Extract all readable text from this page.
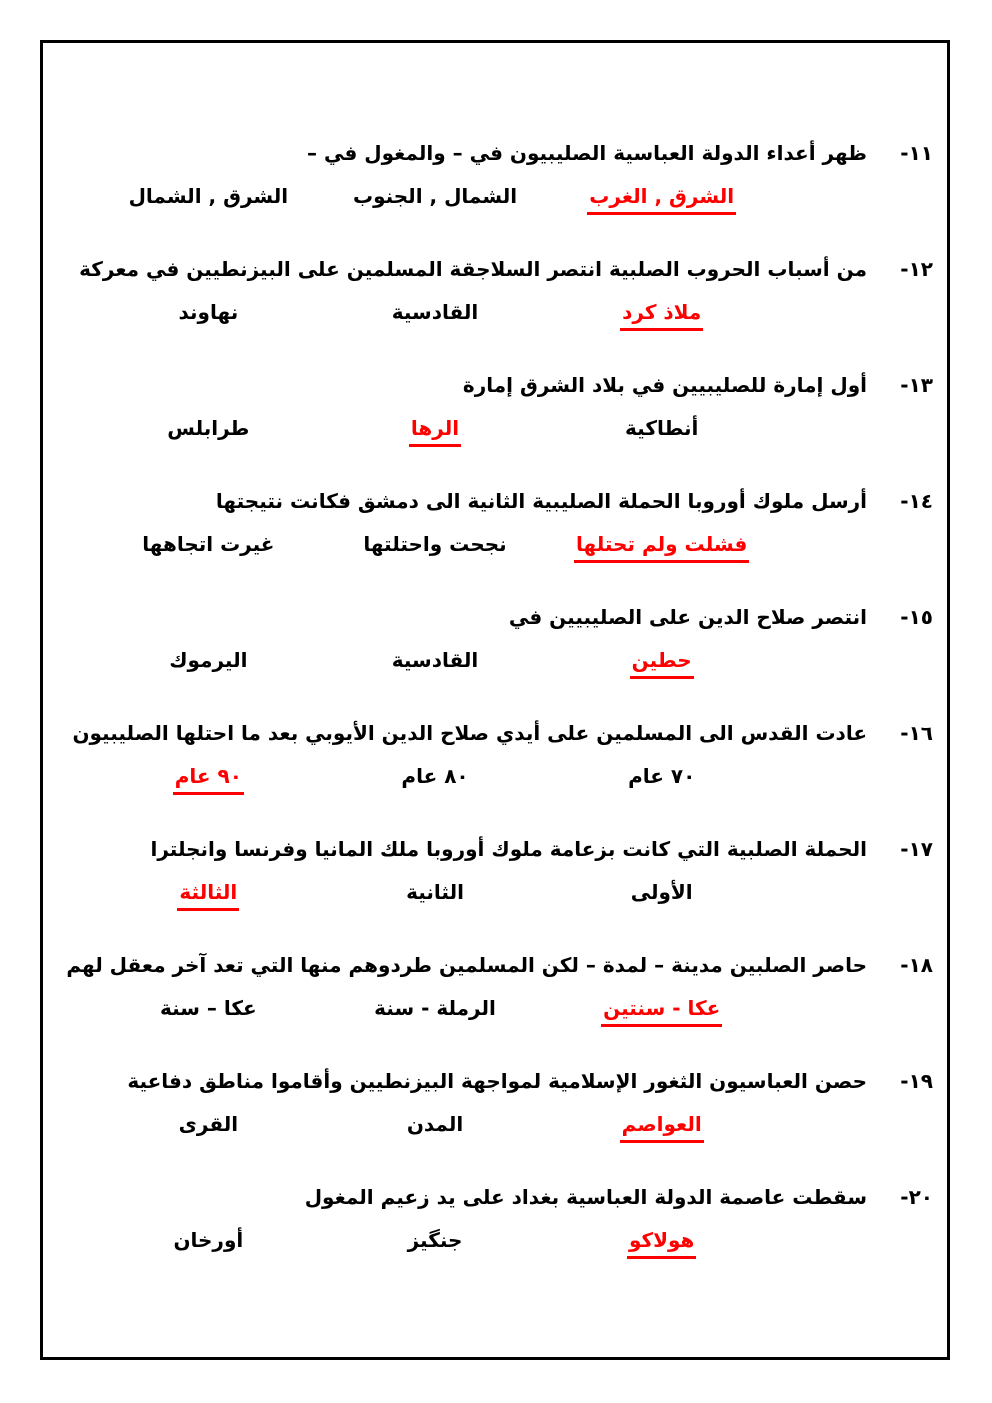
١١-ظهر أعداء الدولة العباسية الصليبيون في – والمغول في –
الشرق , الغرب
الشمال , الجنوب
الشرق , الشمال
١٢-من أسباب الحروب الصلبية انتصر السلاجقة المسلمين على البيزنطيين في معركة
ملاذ كرد
القادسية
نهاوند
١٣-أول إمارة للصليبيين في بلاد الشرق إمارة
أنطاكية
الرها
طرابلس
١٤-أرسل ملوك أوروبا الحملة الصليبية الثانية الى دمشق فكانت نتيجتها
فشلت ولم تحتلها
نجحت واحتلتها
غيرت اتجاهها
١٥-انتصر صلاح الدين على الصليبيين في
حطين
القادسية
اليرموك
١٦-عادت القدس الى المسلمين على أيدي صلاح الدين الأيوبي بعد ما احتلها الصليبيون
٧٠ عام
٨٠ عام
٩٠ عام
١٧-الحملة الصلبية التي كانت بزعامة ملوك أوروبا ملك المانيا وفرنسا وانجلترا
الأولى
الثانية
الثالثة
١٨-حاصر الصلبين مدينة – لمدة – لكن المسلمين طردوهم منها التي تعد آخر معقل لهم
عكا - سنتين
الرملة - سنة
عكا – سنة
١٩-حصن العباسيون الثغور الإسلامية لمواجهة البيزنطيين وأقاموا مناطق دفاعية
العواصم
المدن
القرى
٢٠-سقطت عاصمة الدولة العباسية بغداد على يد زعيم المغول
هولاكو
جنگيز
أورخان
